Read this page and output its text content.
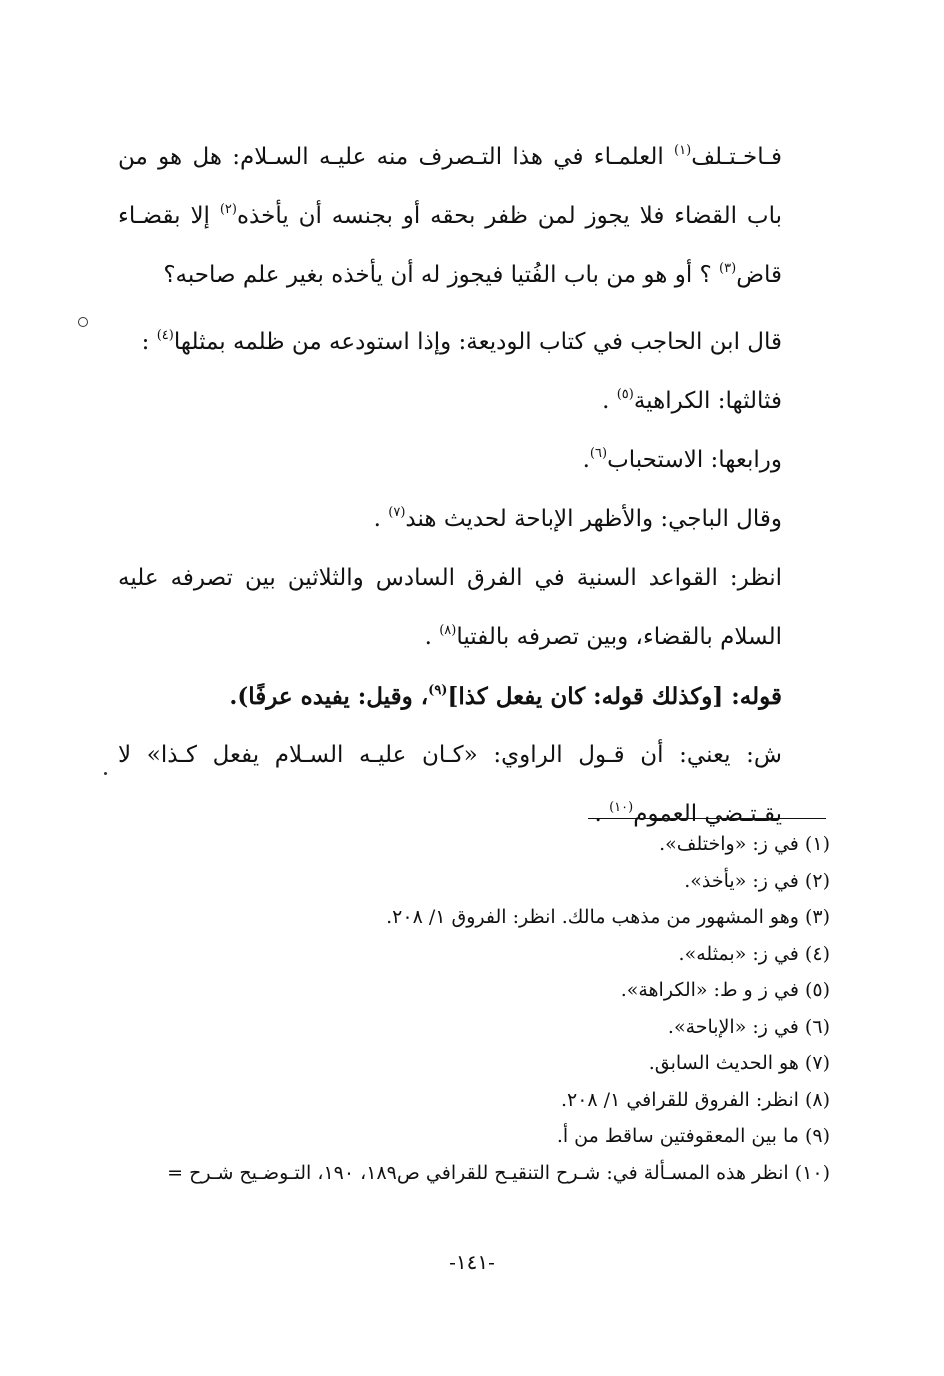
فـاخـتـلف$^{(١)}$ العلمـاء في هذا التـصرف منه عليـه السـلام: هل هو من باب القضاء فلا يجوز لمن ظفر بحقه أو بجنسه أن يأخذه$^{(٢)}$ إلا بقضـاء قاض$^{(٣)}$ ؟ أو هو من باب الفُتيا فيجوز له أن يأخذه بغير علم صاحبه؟

قال ابن الحاجب في كتاب الوديعة: وإذا استودعه من ظلمه بمثلها$^{(٤)}$ :

فثالثها: الكراهية$^{(٥)}$ .

ورابعها: الاستحباب$^{(٦)}$.

وقال الباجي: والأظهر الإباحة لحديث هند$^{(٧)}$ .

انظر: القواعد السنية في الفرق السادس والثلاثين بين تصرفه عليه السلام بالقضاء، وبين تصرفه بالفتيا$^{(٨)}$ .

قوله: [وكذلك قوله: كان يفعل كذا]$^{(٩)}$، وقيل: يفيده عرفًا).

ش: يعني: أن قـول الراوي: «كـان عليـه السـلام يفعل كـذا» لا يقـتـضي العموم$^{(١٠)}$ .

(١) في ز: «واختلف».

(٢) في ز: «يأخذ».

(٣) وهو المشهور من مذهب مالك. انظر: الفروق ١/ ٢٠٨.

(٤) في ز: «بمثله».

(٥) في ز و ط: «الكراهة».

(٦) في ز: «الإباحة».

(٧) هو الحديث السابق.

(٨) انظر: الفروق للقرافي ١/ ٢٠٨.

(٩) ما بين المعقوفتين ساقط من أ.

(١٠) انظر هذه المسـألة في: شـرح التنقيـح للقرافي ص١٨٩، ١٩٠، التـوضـيح شـرح =

-١٤١-
